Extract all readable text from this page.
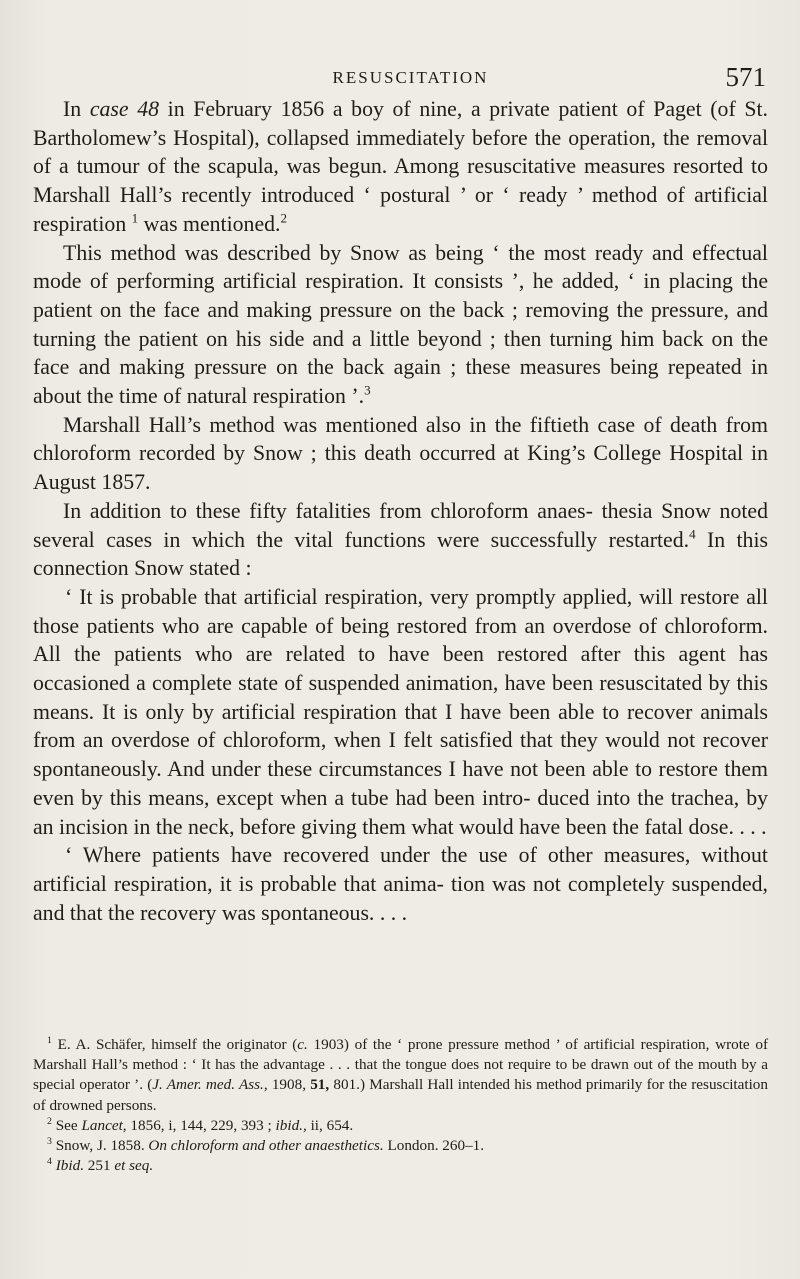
RESUSCITATION	571

In case 48 in February 1856 a boy of nine, a private patient of Paget (of St. Bartholomew’s Hospital), collapsed immediately before the operation, the removal of a tumour of the scapula, was begun. Among resuscitative measures resorted to Marshall Hall’s recently introduced ‘ postural ’ or ‘ ready ’ method of artificial respiration $^1$ was mentioned.$^2$

This method was described by Snow as being ‘ the most ready and effectual mode of performing artificial respiration. It consists ’, he added, ‘ in placing the patient on the face and making pressure on the back ; removing the pressure, and turning the patient on his side and a little beyond ; then turning him back on the face and making pressure on the back again ; these measures being repeated in about the time of natural respiration ’.$^3$

Marshall Hall’s method was mentioned also in the fiftieth case of death from chloroform recorded by Snow ; this death occurred at King’s College Hospital in August 1857.

In addition to these fifty fatalities from chloroform anaes- thesia Snow noted several cases in which the vital functions were successfully restarted.$^4$ In this connection Snow stated :

‘ It is probable that artificial respiration, very promptly applied, will restore all those patients who are capable of being restored from an overdose of chloroform. All the patients who are related to have been restored after this agent has occasioned a complete state of suspended animation, have been resuscitated by this means. It is only by artificial respiration that I have been able to recover animals from an overdose of chloroform, when I felt satisfied that they would not recover spontaneously. And under these circumstances I have not been able to restore them even by this means, except when a tube had been intro- duced into the trachea, by an incision in the neck, before giving them what would have been the fatal dose. . . .

‘ Where patients have recovered under the use of other measures, without artificial respiration, it is probable that anima- tion was not completely suspended, and that the recovery was spontaneous. . . .

$^1$ E. A. Schäfer, himself the originator (c. 1903) of the ‘ prone pressure method ’ of artificial respiration, wrote of Marshall Hall’s method : ‘ It has the advantage . . . that the tongue does not require to be drawn out of the mouth by a special operator ’. (J. Amer. med. Ass., 1908, 51, 801.) Marshall Hall intended his method primarily for the resuscitation of drowned persons.

$^2$ See Lancet, 1856, i, 144, 229, 393 ; ibid., ii, 654.

$^3$ Snow, J. 1858. On chloroform and other anaesthetics. London. 260–1.

$^4$ Ibid. 251 et seq.
